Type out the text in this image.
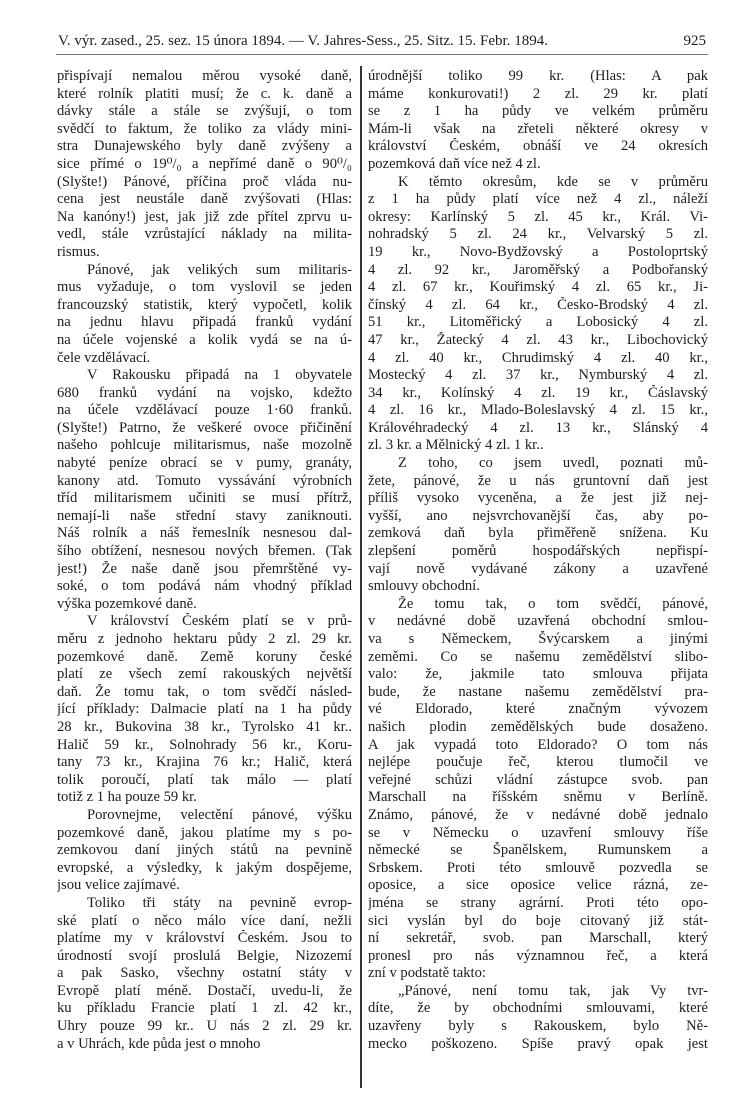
V. výr. zased., 25. sez. 15 února 1894. — V. Jahres-Sess., 25. Sitz. 15. Febr. 1894.	925
přispívají nemalou měrou vysoké daně,
které rolník platiti musí; že c. k. daně a
dávky stále a stále se zvýšují, o tom
svědčí to faktum, že toliko za vlády mini-
stra Dunajewského byly daně zvýšeny a
sice přímé o 19⁰/₀ a nepřímé daně o 90⁰/₀
(Slyšte!) Pánové, příčina proč vláda nu-
cena jest neustále daně zvýšovati (Hlas:
Na kanóny!) jest, jak již zde přítel zprvu u-
vedl, stále vzrůstající náklady na milita-
rismus.
Pánové, jak velikých sum militaris-
mus vyžaduje, o tom vyslovil se jeden
francouzský statistik, který vypočetl, kolik
na jednu hlavu připadá franků vydání
na účele vojenské a kolik vydá se na ú-
čele vzdělávací.
V Rakousku připadá na 1 obyvatele
680 franků vydání na vojsko, kdežto
na účele vzdělávací pouze 1·60 franků.
(Slyšte!) Patrno, že veškeré ovoce přičinění
našeho pohlcuje militarismus, naše mozolně
nabyté peníze obrací se v pumy, granáty,
kanony atd. Tomuto vyssávání výrobních
tříd militarismem učiniti se musí přítrž,
nemají-li naše střední stavy zaniknouti.
Náš rolník a náš řemeslník nesnesou dal-
šího obtížení, nesnesou nových břemen. (Tak
jest!) Že naše daně jsou přemrštěné vy-
soké, o tom podává nám vhodný příklad
výška pozemkové daně.
V království Českém platí se v prů-
měru z jednoho hektaru půdy 2 zl. 29 kr.
pozemkové daně. Země koruny české
platí ze všech zemí rakouských největší
daň. Že tomu tak, o tom svědčí násled-
jící příklady: Dalmacie platí na 1 ha půdy
28 kr., Bukovina 38 kr., Tyrolsko 41 kr..
Halič 59 kr., Solnohrady 56 kr., Koru-
tany 73 kr., Krajina 76 kr.; Halič, která
tolik poroučí, platí tak málo — platí
totiž z 1 ha pouze 59 kr.
Porovnejme, velectění pánové, výšku
pozemkové daně, jakou platíme my s po-
zemkovou daní jiných států na pevnině
evropské, a výsledky, k jakým dospějeme,
jsou velice zajímavé.
Toliko tři státy na pevnině evrop-
ské platí o něco málo více daní, nežli
platíme my v království Českém. Jsou to
úrodností svojí proslulá Belgie, Nizozemí
a pak Sasko, všechny ostatní státy v
Evropě platí méně. Dostačí, uvedu-li, že
ku příkladu Francie platí 1 zl. 42 kr.,
Uhry pouze 99 kr.. U nás 2 zl. 29 kr.
a v Uhrách, kde půda jest o mnoho
úrodnější toliko 99 kr. (Hlas: A pak
máme konkurovati!) 2 zl. 29 kr. platí
se z 1 ha půdy ve velkém průměru
Mám-li však na zřeteli některé okresy v
království Českém, obnáší ve 24 okresích
pozemková daň více než 4 zl.
K těmto okresům, kde se v průměru
z 1 ha půdy platí více než 4 zl., náleží
okresy: Karlínský 5 zl. 45 kr., Král. Vi-
nohradský 5 zl. 24 kr., Velvarský 5 zl.
19 kr., Novo-Bydžovský a Postoloprtský
4 zl. 92 kr., Jaroměřský a Podbořanský
4 zl. 67 kr., Kouřimský 4 zl. 65 kr., Ji-
čínský 4 zl. 64 kr., Česko-Brodský 4 zl.
51 kr., Litoměřický a Lobosický 4 zl.
47 kr., Žatecký 4 zl. 43 kr., Libochovický
4 zl. 40 kr., Chrudimský 4 zl. 40 kr.,
Mostecký 4 zl. 37 kr., Nymburský 4 zl.
34 kr., Kolínský 4 zl. 19 kr., Čáslavský
4 zl. 16 kr., Mlado-Boleslavský 4 zl. 15 kr.,
Královéhradecký 4 zl. 13 kr., Slánský 4
zl. 3 kr. a Mělnický 4 zl. 1 kr..
Z toho, co jsem uvedl, poznati mů-
žete, pánové, že u nás gruntovní daň jest
příliš vysoko vyceněna, a že jest již nej-
vyšší, ano nejsvrchovanější čas, aby po-
zemková daň byla přiměřeně snížena. Ku
zlepšení poměrů hospodářských nepřispí-
vají nově vydávané zákony a uzavřené
smlouvy obchodní.
Že tomu tak, o tom svědčí, pánové,
v nedávné době uzavřená obchodní smlou-
va s Německem, Švýcarskem a jinými
zeměmi. Co se našemu zemědělství slibo-
valo: že, jakmile tato smlouva přijata
bude, že nastane našemu zemědělství pra-
vé Eldorado, které značným vývozem
našich plodin zemědělských bude dosaženo.
A jak vypadá toto Eldorado? O tom nás
nejlépe poučuje řeč, kterou tlumočil ve
veřejné schůzi vládní zástupce svob. pan
Marschall na říšském sněmu v Berlíně.
Známo, pánové, že v nedávné době jednalo
se v Německu o uzavření smlouvy říše
německé se Španělskem, Rumunskem a
Srbskem. Proti této smlouvě pozvedla se
oposice, a sice oposice velice rázná, ze-
jména se strany agrární. Proti této opo-
sici vyslán byl do boje citovaný již stát-
ní sekretář, svob. pan Marschall, který
pronesl pro nás významnou řeč, a která
zní v podstatě takto:
„Pánové, není tomu tak, jak Vy tvr-
díte, že by obchodními smlouvami, které
uzavřeny byly s Rakouskem, bylo Ně-
mecko poškozeno. Spíše pravý opak jest
